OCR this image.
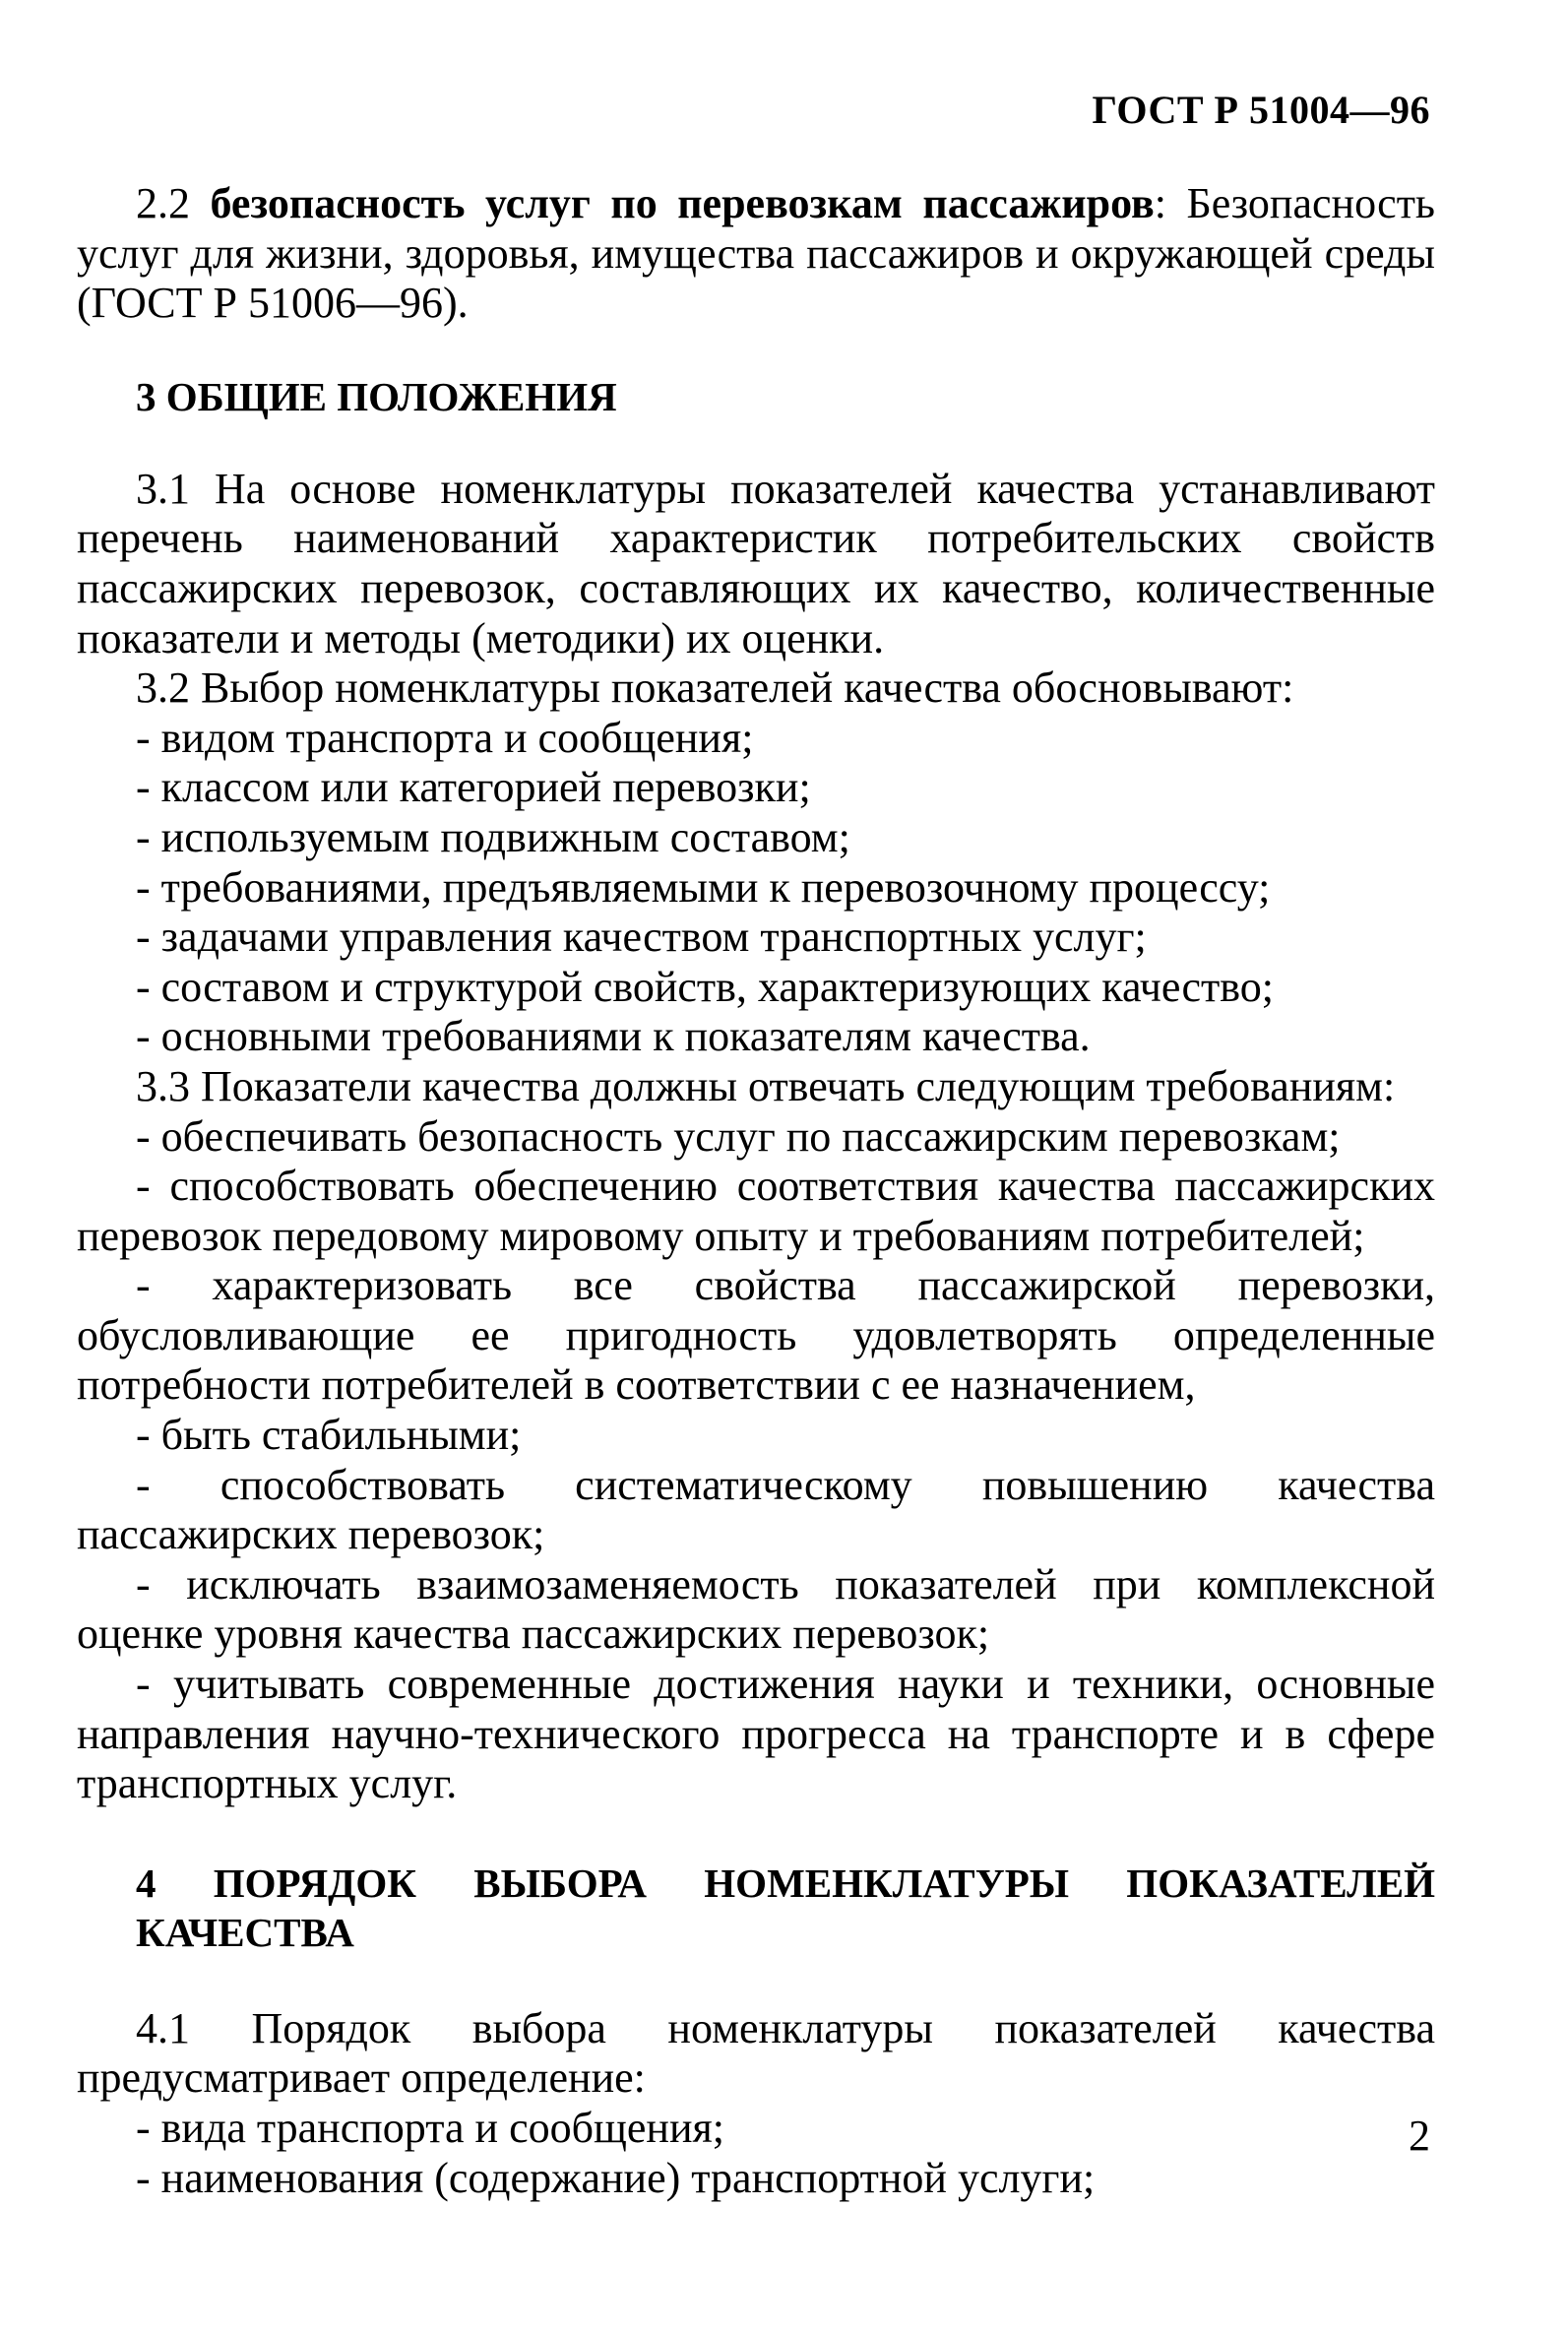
ГОСТ Р 51004—96

2.2 безопасность услуг по перевозкам пассажиров: Безопасность услуг для жизни, здоровья, имущества пассажиров и окружающей среды (ГОСТ Р 51006—96).

3 ОБЩИЕ ПОЛОЖЕНИЯ

3.1 На основе номенклатуры показателей качества устанавливают перечень наименований характеристик потребительских свойств пассажирских перевозок, составляющих их качество, количественные показатели и методы (методики) их оценки.

3.2 Выбор номенклатуры показателей качества обосновывают:

- видом транспорта и сообщения;

- классом или категорией перевозки;

- используемым подвижным составом;

- требованиями, предъявляемыми к перевозочному процессу;

- задачами управления качеством транспортных услуг;

- составом и структурой свойств, характеризующих качество;

- основными требованиями к показателям качества.

3.3 Показатели качества должны отвечать следующим требованиям:

- обеспечивать безопасность услуг по пассажирским перевозкам;

- способствовать обеспечению соответствия качества пассажирских перевозок передовому мировому опыту и требованиям потребителей;

- характеризовать все свойства пассажирской перевозки, обусловливающие ее пригодность удовлетворять определенные потребности потребителей в соответствии с ее назначением,

- быть стабильными;

- способствовать систематическому повышению качества пассажирских перевозок;

- исключать взаимозаменяемость показателей при комплексной оценке уровня качества пассажирских перевозок;

- учитывать современные достижения науки и техники, основные направления научно-технического прогресса на транспорте и в сфере транспортных услуг.

4 ПОРЯДОК ВЫБОРА НОМЕНКЛАТУРЫ ПОКАЗАТЕЛЕЙ КАЧЕСТВА

4.1 Порядок выбора номенклатуры показателей качества предусматривает определение:

- вида транспорта и сообщения;

- наименования (содержание) транспортной услуги;

2
